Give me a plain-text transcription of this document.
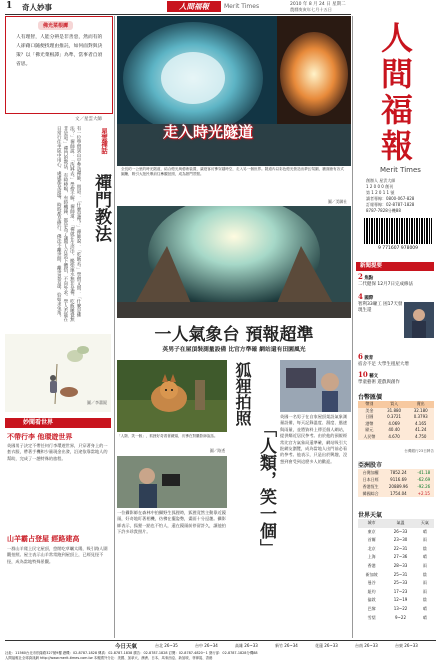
1 奇人妙事	人間福報	Merit Times	2010 年 8 月 24 日 星期二
農曆庚寅年七月十五日
佛光菜根譚
人有理智，人能分辨是非善惡，然而有的人卻藉口隨便找理由推託，如何面對與決策？以「佛光菜根譚」為準，當事者自須省思。
文／星雲大師
星雲禪話
禪門教法
有一位學僧到山中參訪禪師，問道：「什麼是禪？」禪師說：「吃飯去。」學僧又問：「什麼是佛法？」禪師說：「洗缽去。」學僧不解，禪師道：「禪就在生活中，搬柴運水無非是禪，吃飯睡覺無非是道。」禪門的教法，有時棒喝，有時機鋒，都是為了讓學人在當下體悟，不向外求。學人若能在日常行住坐臥中用心，處處都是道場，時時都是修行。佛法不離世間，離世覓菩提，恰如求兔角。
圖／李蕭錕
妙聞看世界
不帶行李 他環遊世界
英國男子決定不帶任何行李環遊世界，只穿著身上的一套衣服，帶著手機和少量現金出發，沿途依靠當地人的幫助，完成了一趟特殊的旅程。
山羊霸占登屋 經路建高
一群山羊爬上民宅屋頂，悠閒吃草曬太陽，吸引路人圍觀拍照。屋主表示山羊常常跑到屋頂上，已經見怪不怪，成為當地特殊景觀。
走入時光隧道
全長約一公里的時光隧道，結合燈光與藝術裝置，讓遊客彷彿穿越時空，走入另一個世界。隧道內以彩色燈光營造出夢幻氛圍，牆面繪有各式圖騰，吸引大批民眾前往參觀拍照，成為熱門景點。
圖／美聯社
一人氣象台 預報超準
英男子在屋頂裝測量設備 比官方準確 網站還有田園風光
「人類、笑一個」，狐狸好奇看著鏡頭，彷彿在對攝影師說話。
圖／路透
狐狸拍照
「人類，笑一個」
一位攝影師在森林中拍攝野生狐狸時，狐狸竟然主動靠近鏡頭，好奇地盯著相機，彷彿在擺姿勢，畫面十分逗趣。攝影師表示，狐狸一點也不怕人，還在鏡頭前停留許久，讓他拍下許多珍貴照片。
英國一名男子在自家屋頂架設氣象測量設備，每天記錄溫度、濕度、風速與雨量，並將資料上傳至個人網站，提供鄰近居民參考。由於他的預報經常比官方氣象局還準確，網站吸引大批網友瀏覽，成為當地人出門前必看的參考。他表示，只是出於興趣，沒想到會受到這麼多人的歡迎。
人
間
福
報
Merit Times
創辦人 星雲大師
1 2 0 0 0 創刊
第 1 2 0 1 1 號
讀者專線：0800-067-828
訂報專線：02-8787-1828
8787-7828分機88
9 771607 978009
新聞提要
2 焦點
二代健保 12月7日完成修法
4 國際
智利33礦工 困17天發現生還
6 教育
宿舍不足 大學生租屋大增
10 藝文
學童藝術 遊戲與創作
台幣匯價
幣別	買入	賣出
美金	31.880	32.180
日圓	0.3721	0.3793
港幣	4.069	4.165
歐元	40.40	41.24
人民幣	4.670	4.750
台灣銀行23日牌告
亞洲股市
台灣加權	7852.24	-41.18
日本日經	9116.69	-62.69
香港恆生	20889.96	-92.26
韓國綜合	1754.04	+2.15
世界天氣
城市	氣溫	天氣
東京	26~33	晴
首爾	23~30	雨
北京	22~31	陰
上海	27~36	晴
香港	28~33	雨
新加坡	25~31	陰
曼谷	25~33	雨
紐約	17~23	雨
倫敦	12~19	陰
巴黎	13~22	晴
雪梨	9~22	晴
今日天氣	台北 26~35	台中 26~34	高雄 26~33	新竹 26~34	花蓮 26~33	台南 26~33	台東 26~33
社址：11560台北市松隆路327號9樓 總機：02-8787-1828 傳真：02-8787-1838 廣告：02-8787-1828 訂閱：02-8787-4820~1 發行部：02-8787-1828分機88
人間福報社全球資訊網 http://www.merit-times.com.tw 本報國外分社：美國、加拿大、澳洲、日本、馬來西亞、新加坡、菲律賓、香港
